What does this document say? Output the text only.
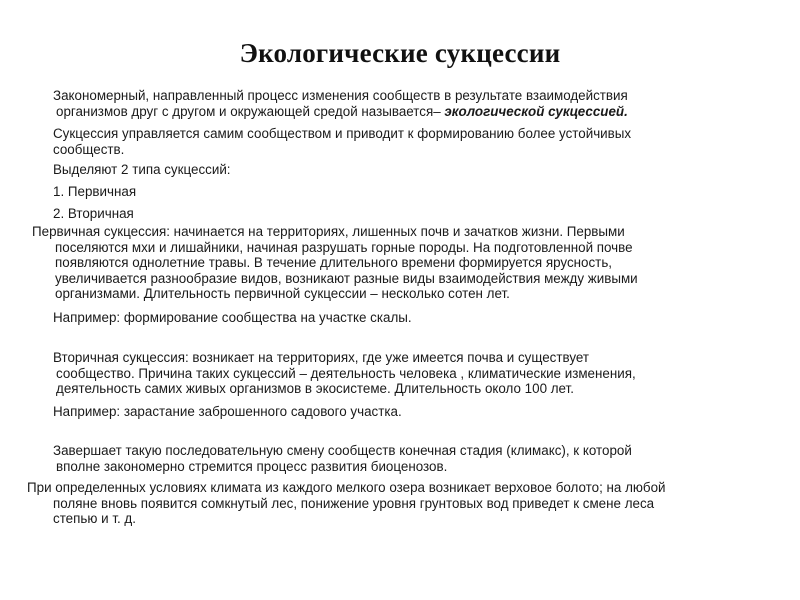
Экологические сукцессии
Закономерный, направленный процесс изменения сообществ в результате взаимодействия
организмов друг с другом и окружающей средой называется– экологической сукцессией.
Сукцессия управляется самим сообществом и приводит к формированию более устойчивых
сообществ.
Выделяют 2 типа сукцессий:
1. Первичная
2. Вторичная
Первичная сукцессия: начинается на территориях, лишенных почв и зачатков жизни. Первыми
поселяются мхи и лишайники, начиная разрушать горные породы. На подготовленной почве
появляются однолетние травы. В течение длительного времени формируется ярусность,
увеличивается разнообразие видов, возникают разные виды взаимодействия между живыми
организмами. Длительность первичной сукцессии – несколько сотен лет.
Например: формирование сообщества на участке скалы.
Вторичная сукцессия: возникает на территориях, где уже имеется почва и существует
сообщество. Причина таких сукцессий – деятельность человека , климатические изменения,
деятельность самих живых организмов в экосистеме. Длительность около 100 лет.
Например: зарастание заброшенного садового участка.
Завершает такую последовательную смену сообществ конечная стадия (климакс), к которой
вполне закономерно стремится процесс развития биоценозов.
При определенных условиях климата из каждого мелкого озера возникает верховое болото; на любой
поляне вновь появится сомкнутый лес, понижение уровня грунтовых вод приведет к смене леса
степью и т. д.
